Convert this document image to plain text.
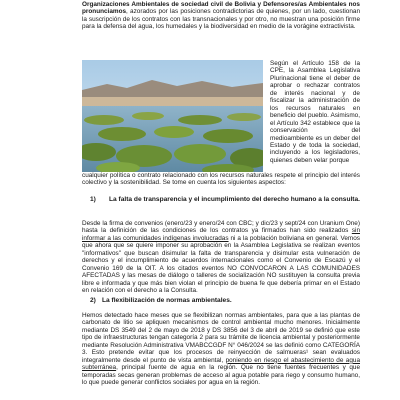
Organizaciones Ambientales de sociedad civil de Bolivia y Defensores/as Ambientales nos pronunciamos, azorados por las posiciones contradictorias de quienes, por un lado, cuestionan la suscripción de los contratos con las transnacionales y por otro, no muestran una posición firme para la defensa del agua, los humedales y la biodiversidad en medio de la vorágine extractivista.

Según el Artículo 158 de la CPE, la Asamblea Legislativa Plurinacional tiene el deber de aprobar o rechazar contratos de interés nacional y de fiscalizar la administración de los recursos naturales en beneficio del pueblo. Asimismo, el Artículo 342 establece que la conservación del medioambiente es un deber del Estado y de toda la sociedad, incluyendo a los legisladores, quienes deben velar porque

cualquier política o contrato relacionado con los recursos naturales respete el principio del interés colectivo y la sostenibilidad. Se tome en cuenta los siguientes aspectos:

1) La falta de transparencia y el incumplimiento del derecho humano a la consulta.

Desde la firma de convenios (enero/23 y enero/24 con CBC; y dic/23 y sept/24 con Uranium One) hasta la definición de las condiciones de los contratos ya firmados han sido realizados sin informar a las comunidades indígenas involucradas ni a la población boliviana en general. Vemos que ahora que se quiere imponer su aprobación en la Asamblea Legislativa se realizan eventos "informativos" que buscan disimular la falta de transparencia y disimular esta vulneración de derechos y el incumplimiento de acuerdos internacionales como el Convenio de Escazú y el Convenio 169 de la OIT. A los citados eventos NO CONVOCARON A LAS COMUNIDADES AFECTADAS y las mesas de diálogo o talleres de socialización NO sustituyen la consulta previa libre e informada y que más bien violan el principio de buena fe que debería primar en el Estado en relación con el derecho a la Consulta.

2) La flexibilización de normas ambientales.

Hemos detectado hace meses que se flexibilizan normas ambientales, para que a las plantas de carbonato de litio se apliquen mecanismos de control ambiental mucho menores. Inicialmente mediante DS 3549 del 2 de mayo de 2018 y DS 3856 del 3 de abril de 2019 se definió que este tipo de infraestructuras tengan categoría 2 para su trámite de licencia ambiental y posteriormente mediante Resolución Administrativa VMABCCGDF N° 046/2024 se las definió como CATEGORÍA 3. Esto pretende evitar que los procesos de reinyección de salmueras¹ sean evaluados integralmente desde el punto de vista ambiental, poniendo en riesgo el abastecimiento de agua subterránea, principal fuente de agua en la región. Que no tiene fuentes frecuentes y que temporadas secas generan problemas de acceso al agua potable para riego y consumo humano, lo que puede generar conflictos sociales por agua en la región.
